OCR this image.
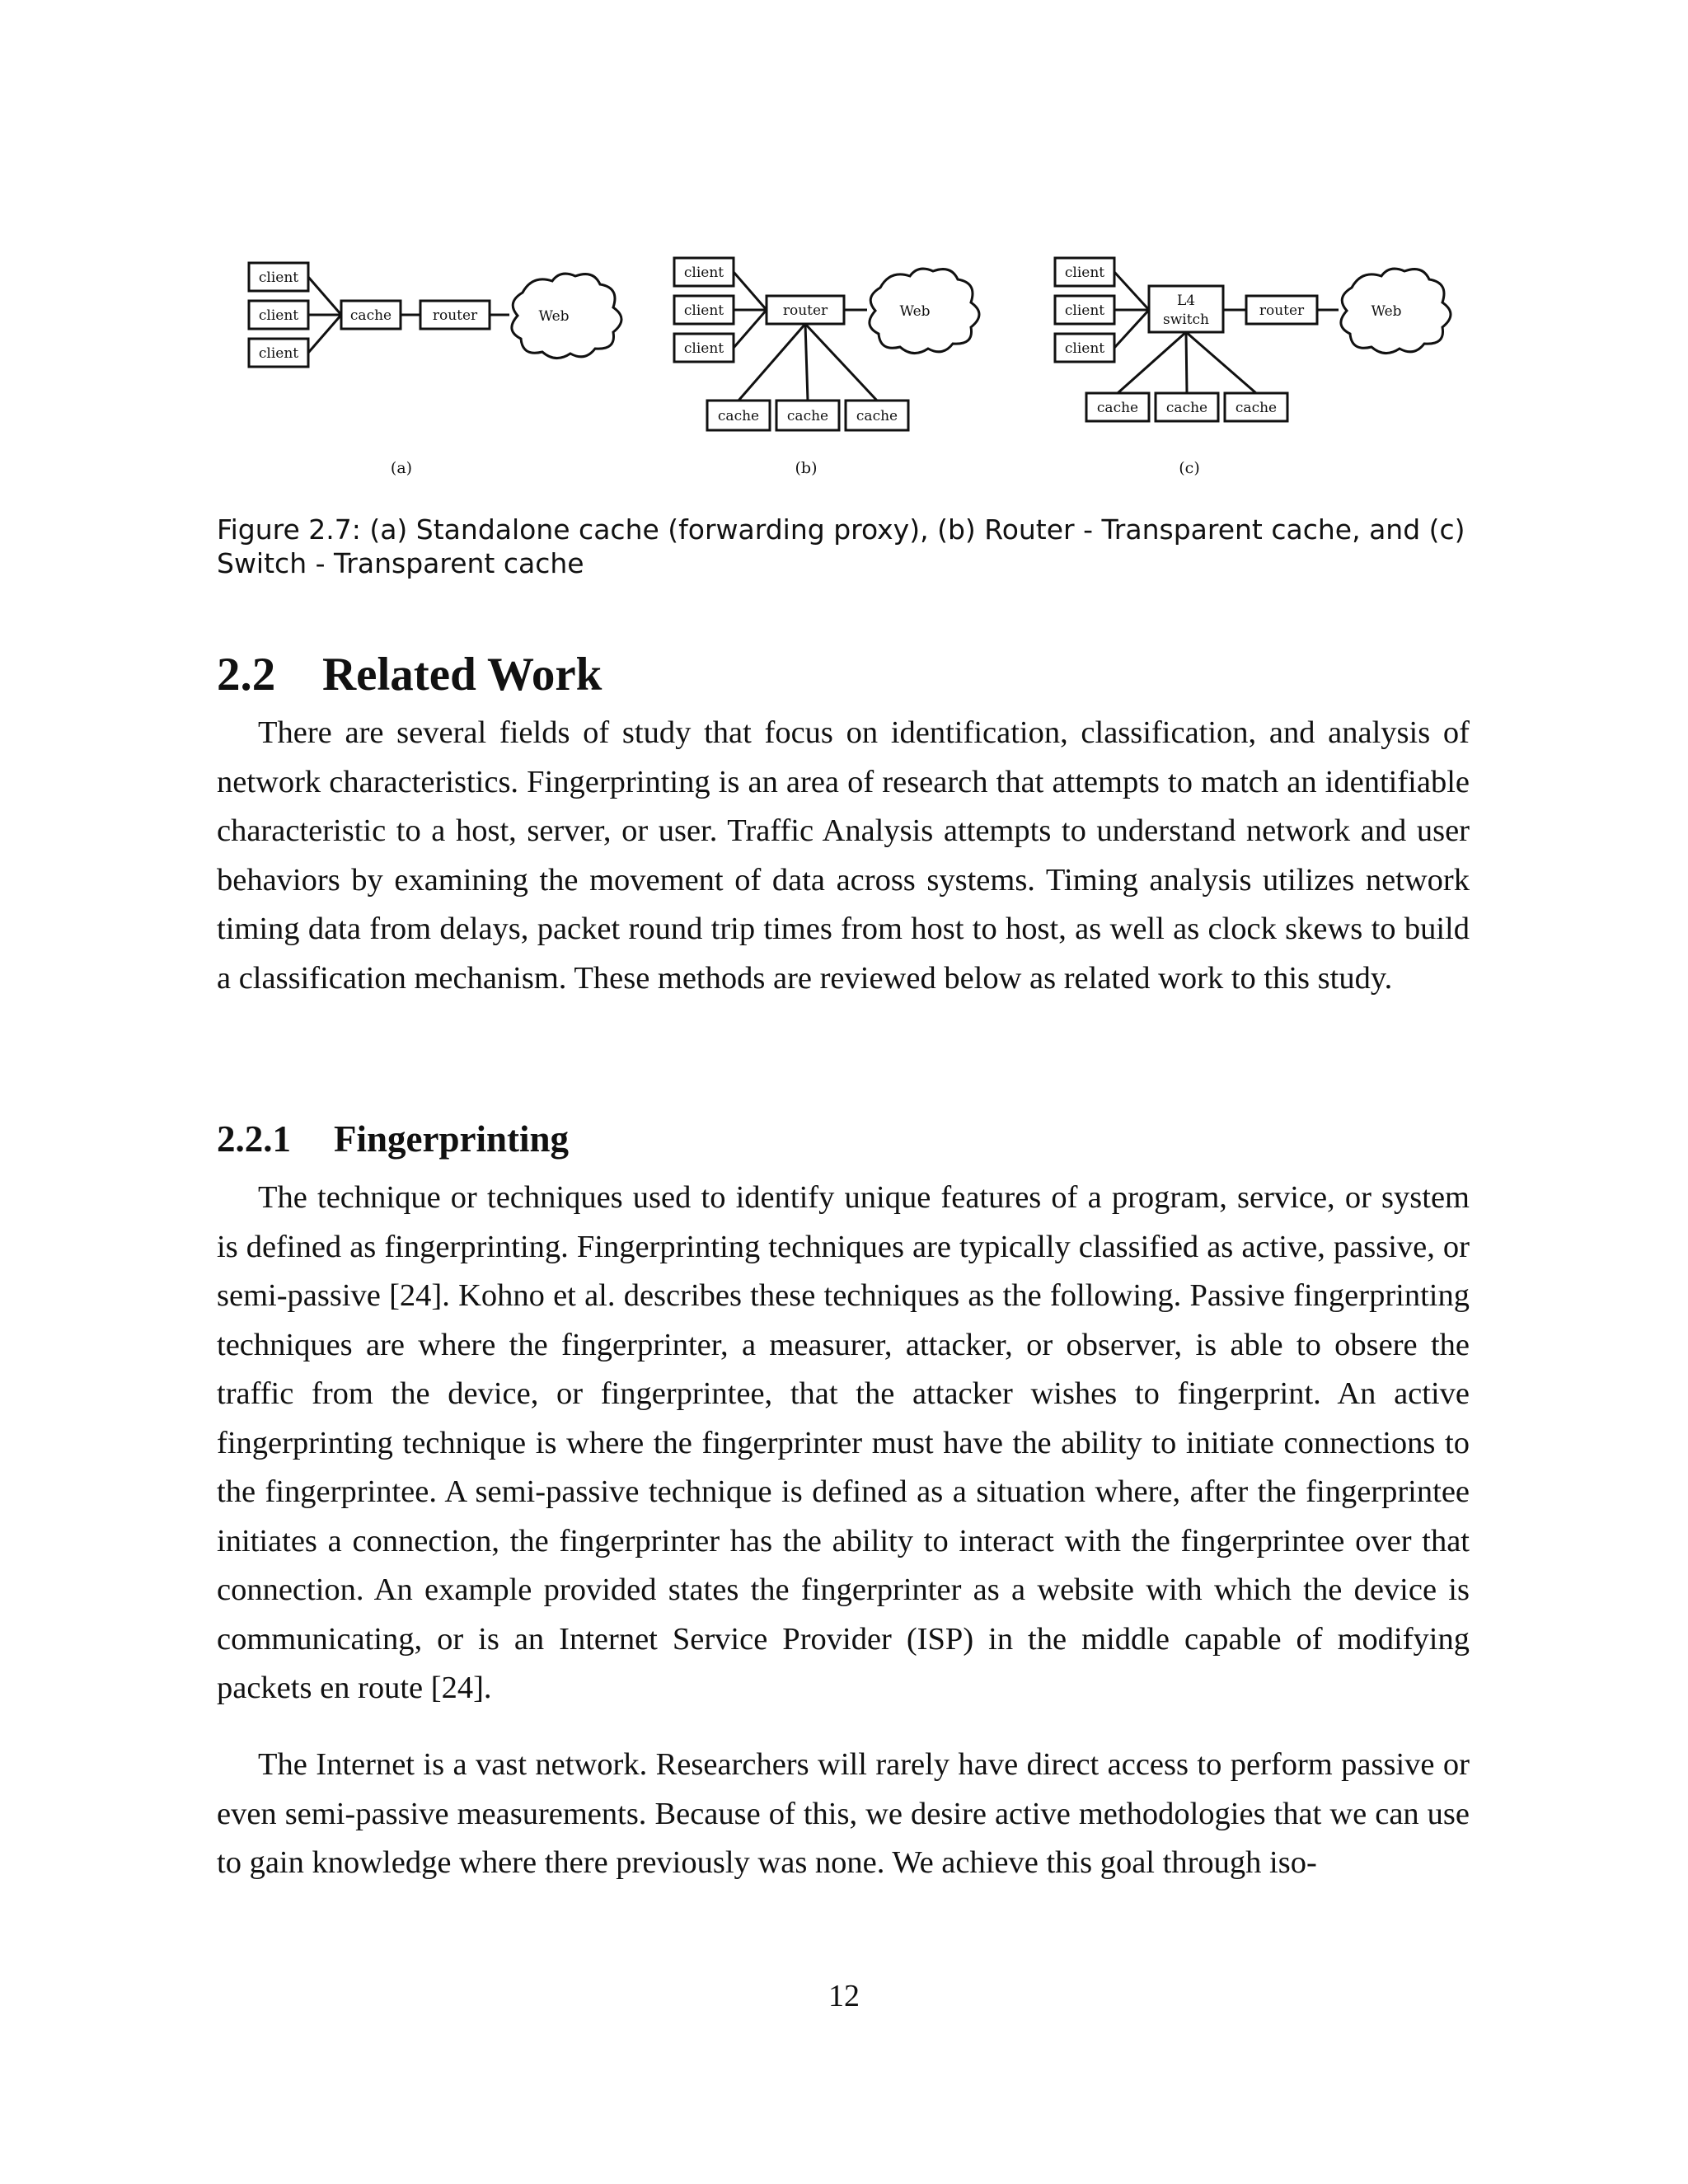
client
client
client
cache	router	Web
(a)
client
client
client
router	Web
cache cache cache
(b)
client
client
client
L4
switch
router	Web
cache cache cache
(c)
Figure 2.7: (a) Standalone cache (forwarding proxy), (b) Router - Transparent cache, and (c) Switch - Transparent cache
2.2 Related Work
There are several fields of study that focus on identification, classification, and analysis of network characteristics. Fingerprinting is an area of research that attempts to match an identifiable characteristic to a host, server, or user. Traffic Analysis attempts to understand network and user behaviors by examining the movement of data across systems. Timing analysis utilizes network timing data from delays, packet round trip times from host to host, as well as clock skews to build a classification mechanism. These methods are reviewed below as related work to this study.
2.2.1 Fingerprinting
The technique or techniques used to identify unique features of a program, service, or system is defined as fingerprinting. Fingerprinting techniques are typically classified as active, passive, or semi-passive [24]. Kohno et al. describes these techniques as the following. Passive fingerprinting techniques are where the fingerprinter, a measurer, attacker, or observer, is able to obsere the traffic from the device, or fingerprintee, that the attacker wishes to fingerprint. An active fingerprinting technique is where the fingerprinter must have the ability to initiate connections to the fingerprintee. A semi-passive technique is defined as a situation where, after the fingerprintee initiates a connection, the fingerprinter has the ability to interact with the fingerprintee over that connection. An example provided states the fingerprinter as a website with which the device is communicating, or is an Internet Service Provider (ISP) in the middle capable of modifying packets en route [24].
The Internet is a vast network. Researchers will rarely have direct access to perform passive or even semi-passive measurements. Because of this, we desire active methodologies that we can use to gain knowledge where there previously was none. We achieve this goal through iso-
12
